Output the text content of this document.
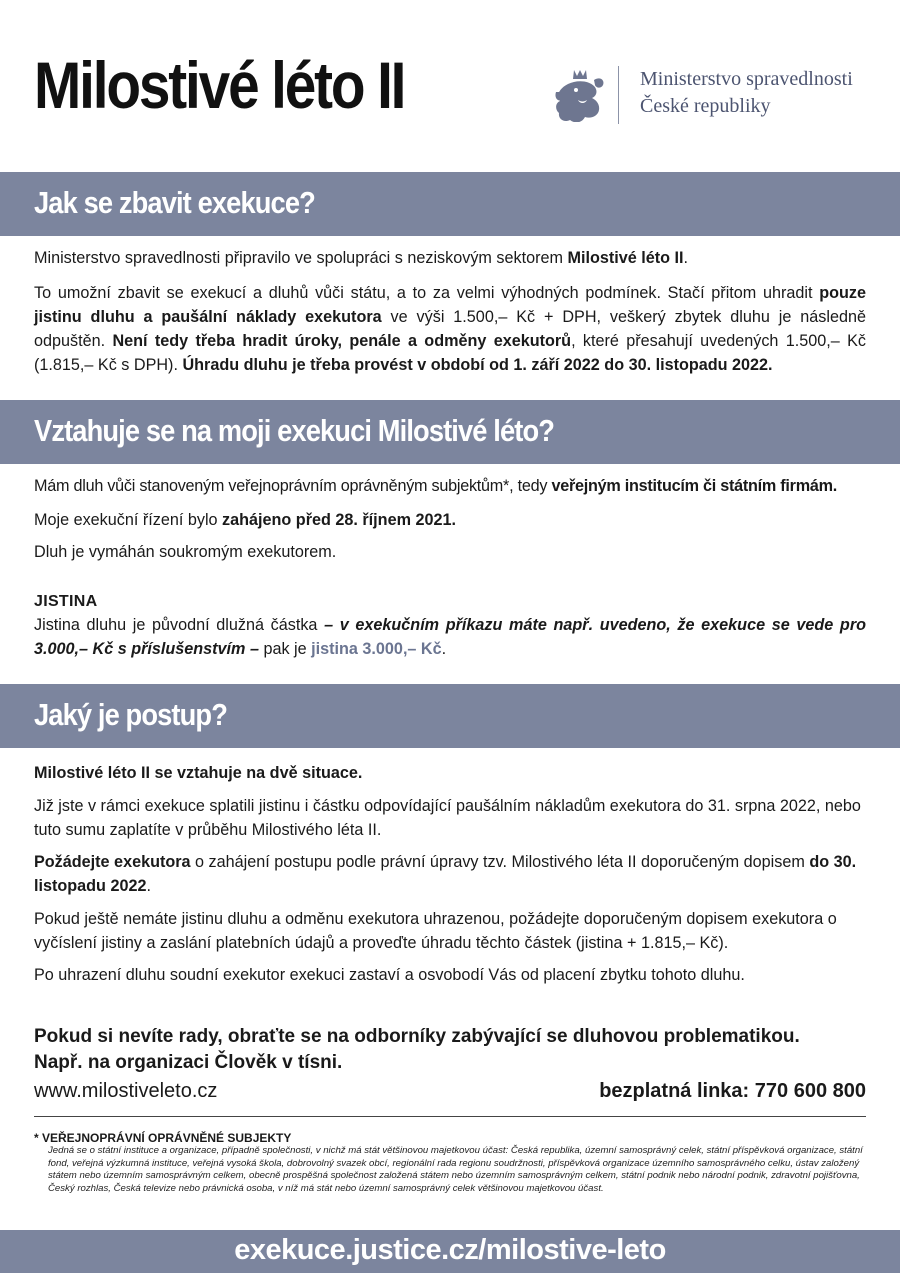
Milostivé léto II	Ministerstvo spravedlnosti
České republiky
Jak se zbavit exekuce?

Ministerstvo spravedlnosti připravilo ve spolupráci s neziskovým sektorem Milostivé léto II.

To umožní zbavit se exekucí a dluhů vůči státu, a to za velmi výhodných podmínek. Stačí přitom uhradit pouze jistinu dluhu a paušální náklady exekutora ve výši 1.500,– Kč + DPH, veškerý zbytek dluhu je následně odpuštěn. Není tedy třeba hradit úroky, penále a odměny exekutorů, které přesahují uvedených 1.500,– Kč (1.815,– Kč s DPH). Úhradu dluhu je třeba provést v období od 1. září 2022 do 30. listopadu 2022.

Vztahuje se na moji exekuci Milostivé léto?

Mám dluh vůči stanoveným veřejnoprávním oprávněným subjektům*, tedy veřejným institucím či státním firmám.

Moje exekuční řízení bylo zahájeno před 28. říjnem 2021.

Dluh je vymáhán soukromým exekutorem.

JISTINA

Jistina dluhu je původní dlužná částka – v exekučním příkazu máte např. uvedeno, že exekuce se vede pro 3.000,– Kč s příslušenstvím – pak je jistina 3.000,– Kč.

Jaký je postup?

Milostivé léto II se vztahuje na dvě situace.

Již jste v rámci exekuce splatili jistinu i částku odpovídající paušálním nákladům exekutora do 31. srpna 2022, nebo tuto sumu zaplatíte v průběhu Milostivého léta II.

Požádejte exekutora o zahájení postupu podle právní úpravy tzv. Milostivého léta II doporučeným dopisem do 30. listopadu 2022.

Pokud ještě nemáte jistinu dluhu a odměnu exekutora uhrazenou, požádejte doporučeným dopisem exekutora o vyčíslení jistiny a zaslání platebních údajů a proveďte úhradu těchto částek (jistina + 1.815,– Kč).

Po uhrazení dluhu soudní exekutor exekuci zastaví a osvobodí Vás od placení zbytku tohoto dluhu.

Pokud si nevíte rady, obraťte se na odborníky zabývající se dluhovou problematikou.

Např. na organizaci Člověk v tísni.

www.milostiveleto.cz	bezplatná linka: 770 600 800
* VEŘEJNOPRÁVNÍ OPRÁVNĚNÉ SUBJEKTY
Jedná se o státní instituce a organizace, případně společnosti, v nichž má stát většinovou majetkovou účast: Česká republika, územní samosprávný celek, státní příspěvková organizace, státní fond, veřejná výzkumná instituce, veřejná vysoká škola, dobrovolný svazek obcí, regionální rada regionu soudržnosti, příspěvková organizace územního samosprávného celku, ústav založený státem nebo územním samosprávným celkem, obecně prospěšná společnost založená státem nebo územním samosprávným celkem, státní podnik nebo národní podnik, zdravotní pojišťovna, Český rozhlas, Česká televize nebo právnická osoba, v níž má stát nebo územní samosprávný celek většinovou majetkovou účast.
exekuce.justice.cz/milostive-leto
